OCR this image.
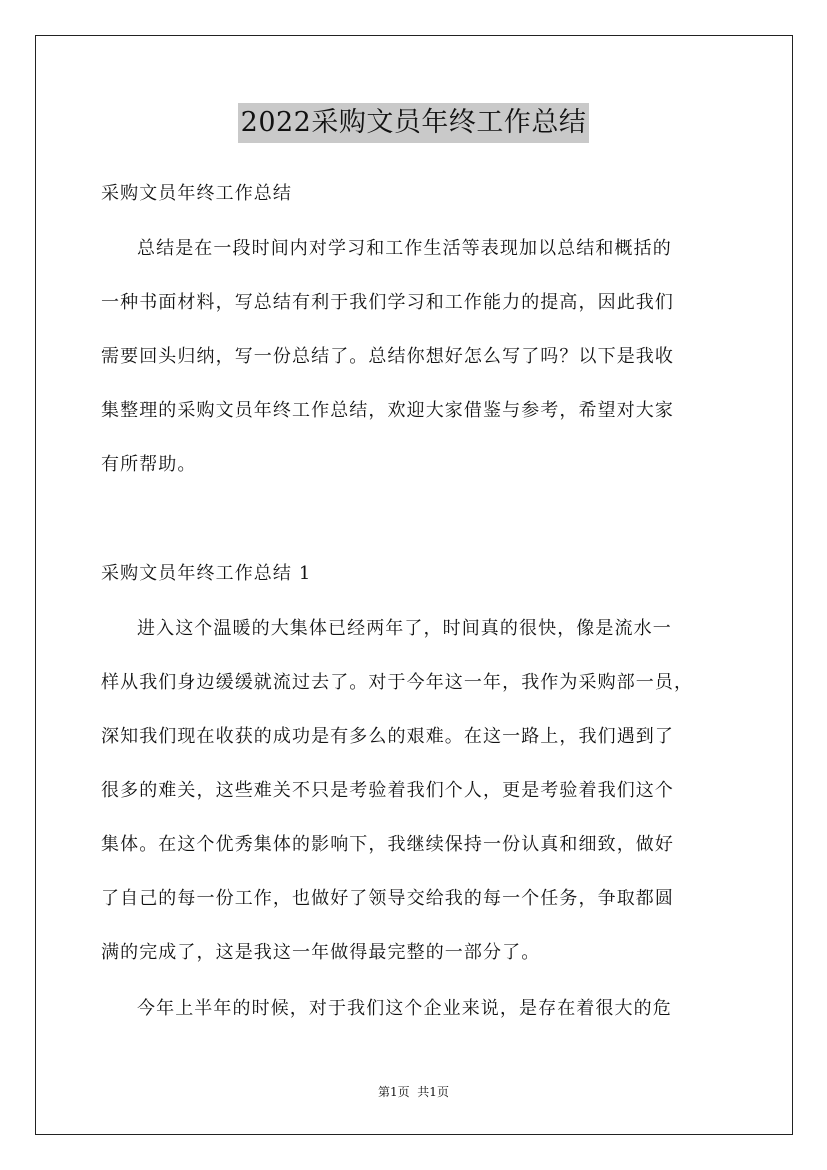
2022采购文员年终工作总结
采购文员年终工作总结
总结是在一段时间内对学习和工作生活等表现加以总结和概括的
一种书面材料，写总结有利于我们学习和工作能力的提高，因此我们
需要回头归纳，写一份总结了。总结你想好怎么写了吗？以下是我收
集整理的采购文员年终工作总结，欢迎大家借鉴与参考，希望对大家
有所帮助。
采购文员年终工作总结 1
进入这个温暖的大集体已经两年了，时间真的很快，像是流水一
样从我们身边缓缓就流过去了。对于今年这一年，我作为采购部一员，
深知我们现在收获的成功是有多么的艰难。在这一路上，我们遇到了
很多的难关，这些难关不只是考验着我们个人，更是考验着我们这个
集体。在这个优秀集体的影响下，我继续保持一份认真和细致，做好
了自己的每一份工作，也做好了领导交给我的每一个任务，争取都圆
满的完成了，这是我这一年做得最完整的一部分了。
今年上半年的时候，对于我们这个企业来说，是存在着很大的危
第1页  共1页
